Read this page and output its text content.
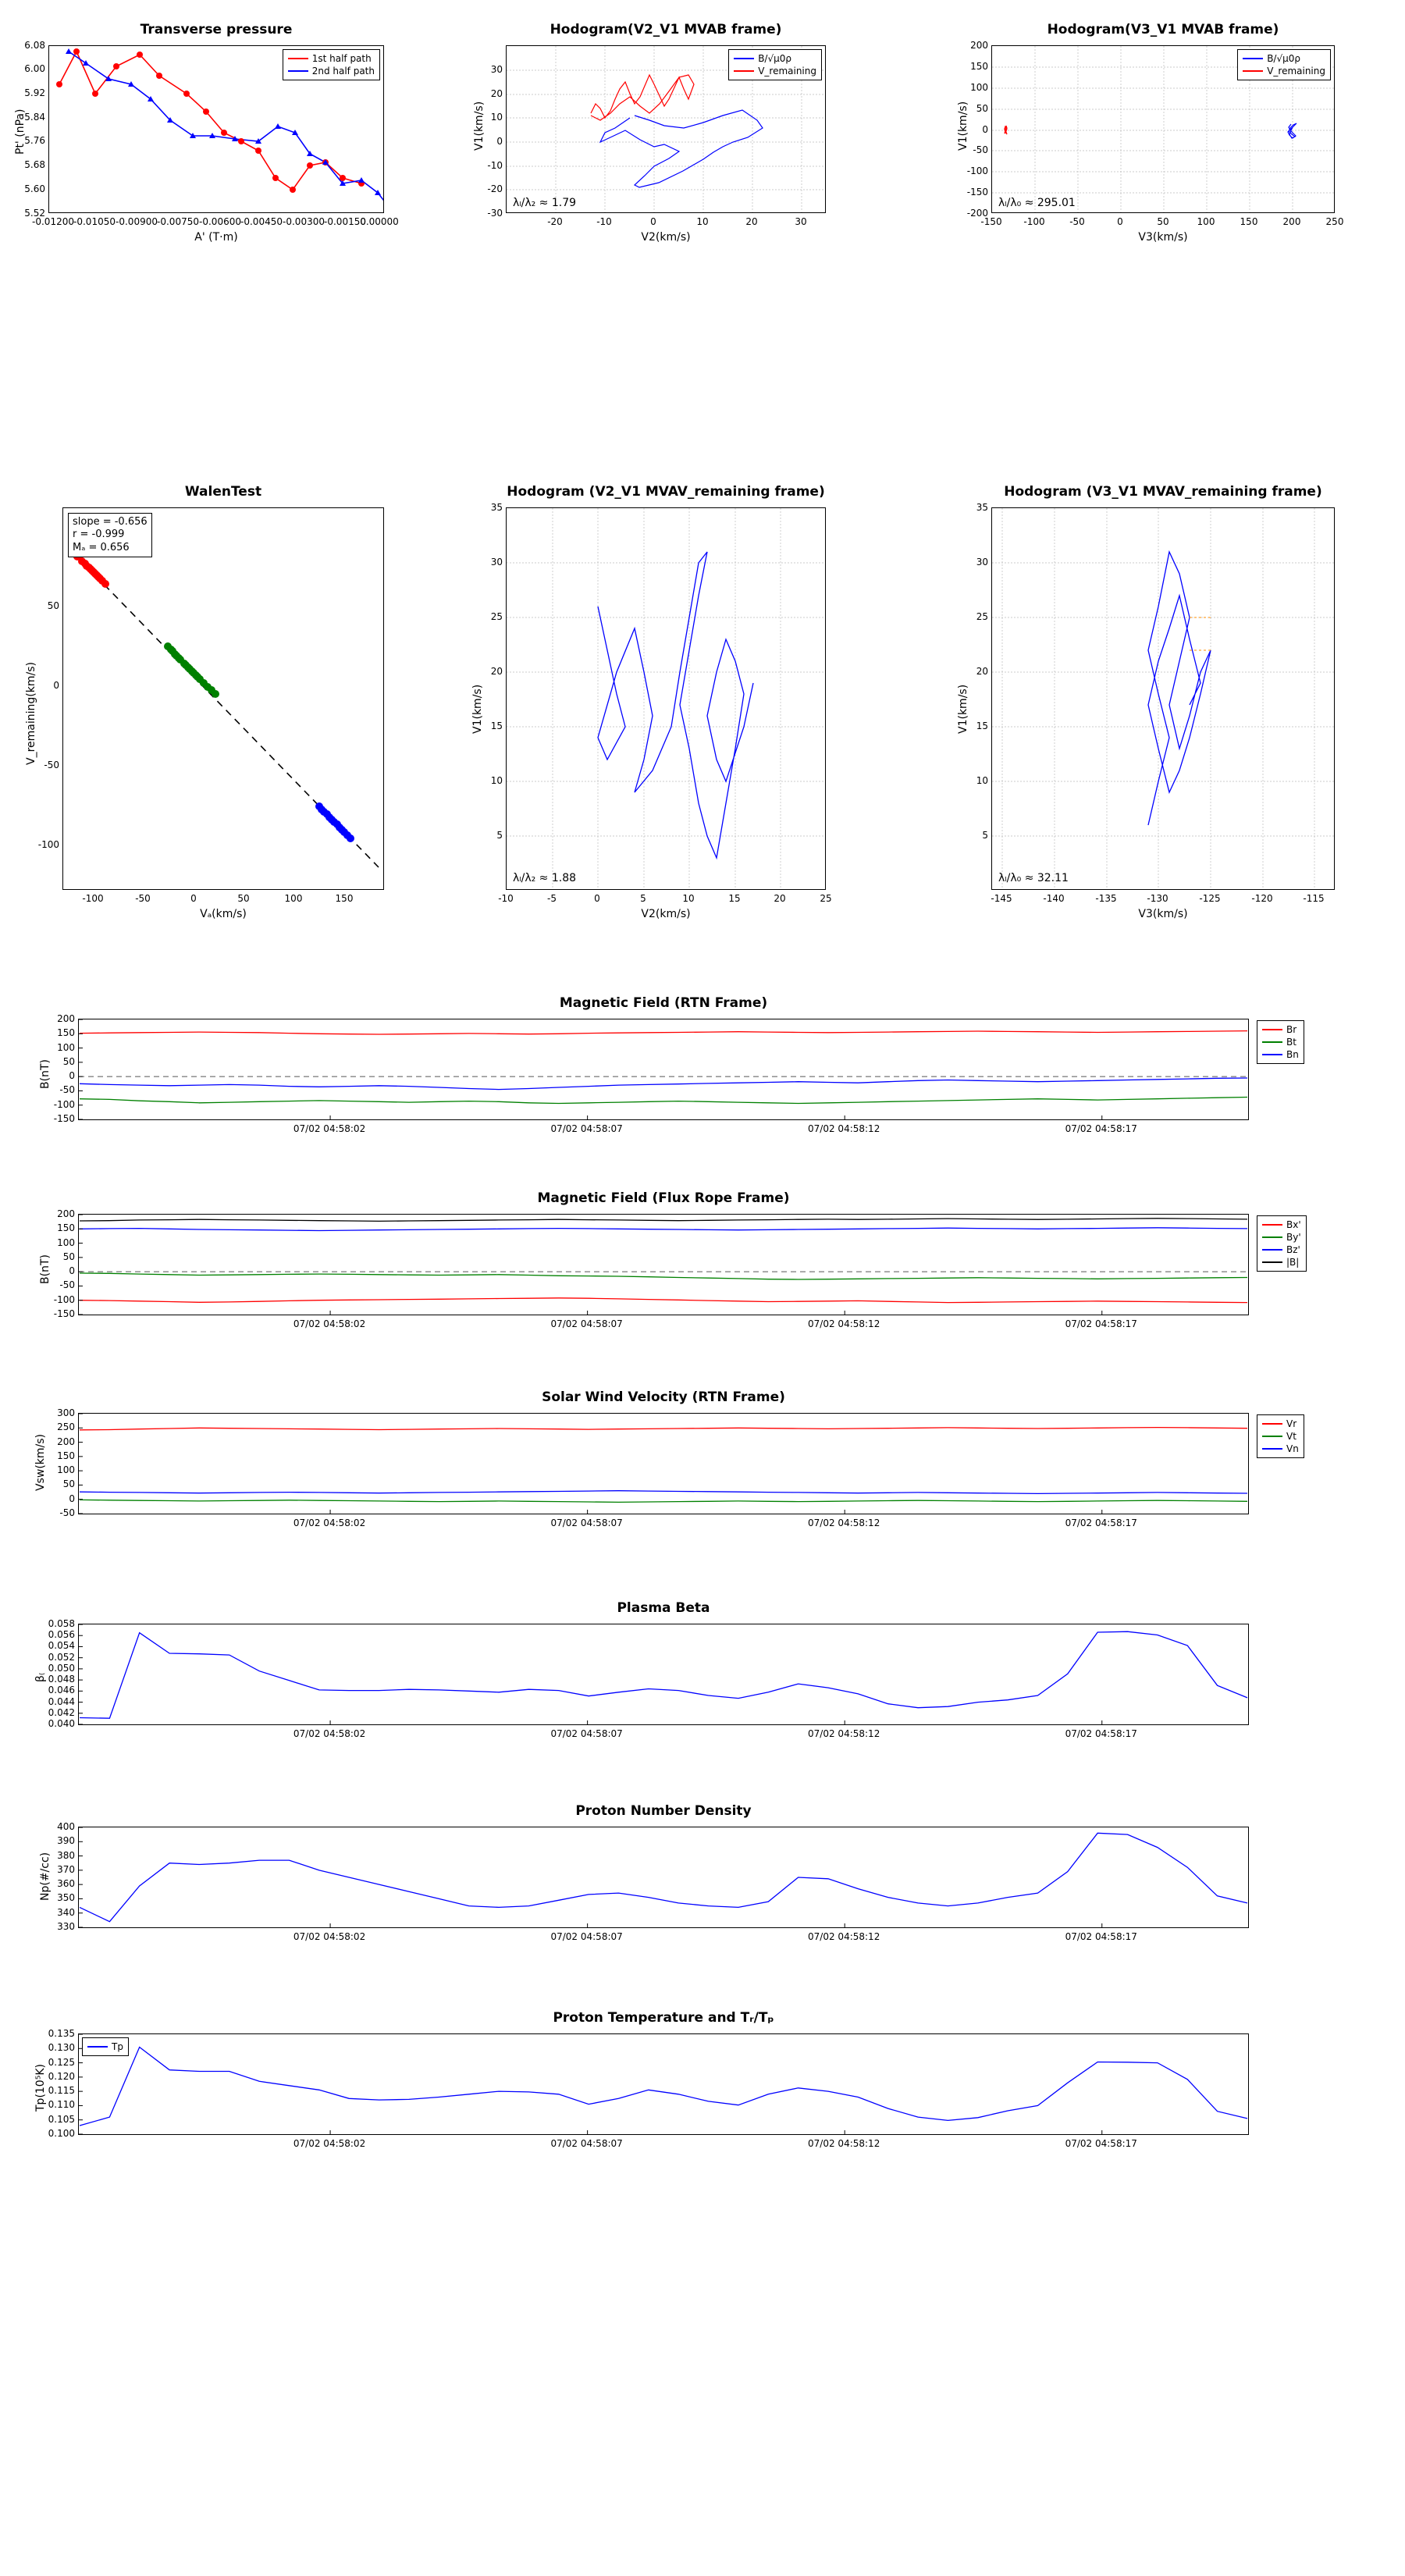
Transverse pressure
1st half path
2nd half path
Pt' (nPa)
A' (T·m)
5.52
5.60
5.68
5.76
5.84
5.92
6.00
6.08
-0.01200 -0.01050 -0.00900 -0.00750 -0.00600 -0.00450 -0.00300 -0.00150
0.00000
Hodogram(V2_V1 MVAB frame)
B/√μ0ρ
V_remaining
λₗ/λ₂ ≈ 1.79
V1(km/s)
V2(km/s)
-30
-20
-10
0
10
20
30
-20	-10	0	10	20	30
Hodogram(V3_V1 MVAB frame)
B/√μ0ρ
V_remaining
λₗ/λ₀ ≈ 295.01
V1(km/s)
V3(km/s)
-200
-150
-100
-50
0
50
100
150
200
-150 -100	-50	0	50	100	150	200	250
WalenTest
slope = -0.656
r = -0.999
Mₐ = 0.656
V_remaining(km/s)
Vₐ(km/s)
-100
-50
0
50
-100	-50	0	50	100	150
Hodogram (V2_V1 MVAV_remaining frame)
λₗ/λ₂ ≈ 1.88
V1(km/s)
V2(km/s)
5
10
15
20
25
30
35
-10	-5	0	5	10	15	20	25
Hodogram (V3_V1 MVAV_remaining frame)
λₗ/λ₀ ≈ 32.11
V1(km/s)
V3(km/s)
5
10
15
20
25
30
35
-145	-140	-135	-130	-125	-120	-115
Magnetic Field (RTN Frame)
B(nT)
Br
Bt
Bn
-150
-100
-50
0
50
100
150
200
07/02 04:58:02	07/02 04:58:07	07/02 04:58:12	07/02 04:58:17
Magnetic Field (Flux Rope Frame)
B(nT)
Bx'
By'
Bz'
|B|
-150
-100
-50
0
50
100
150
200
07/02 04:58:02	07/02 04:58:07	07/02 04:58:12	07/02 04:58:17
Solar Wind Velocity (RTN Frame)
Vsw(km/s)
Vr
Vt
Vn
-50
0
50
100
150
200
250
300
07/02 04:58:02	07/02 04:58:07	07/02 04:58:12	07/02 04:58:17
Plasma Beta
β₍
0.040
0.042
0.044
0.046
0.048
0.050
0.052
0.054
0.056
0.058
07/02 04:58:02	07/02 04:58:07	07/02 04:58:12	07/02 04:58:17
Proton Number Density
Np(#/cc)
330
340
350
360
370
380
390
400
07/02 04:58:02	07/02 04:58:07	07/02 04:58:12	07/02 04:58:17
Proton Temperature and Tᵣ/Tₚ
Tp
Tp(10⁵K)
0.100
0.105
0.110
0.115
0.120
0.125
0.130
0.135
07/02 04:58:02	07/02 04:58:07	07/02 04:58:12	07/02 04:58:17
